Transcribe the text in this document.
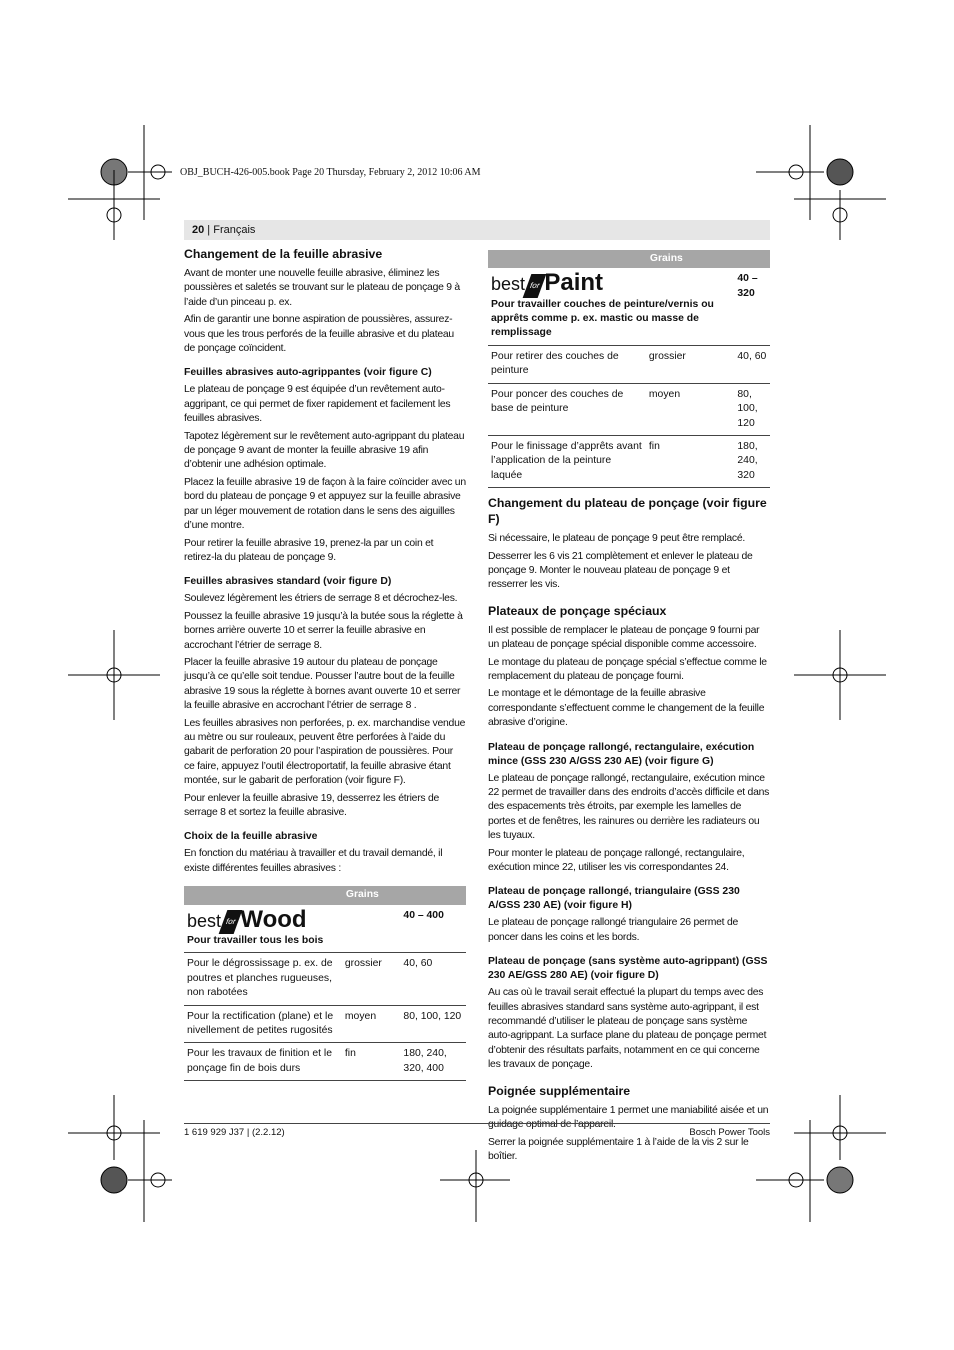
OBJ_BUCH-426-005.book Page 20 Thursday, February 2, 2012 10:06 AM
20 | Français
Changement de la feuille abrasive

Avant de monter une nouvelle feuille abrasive, éliminez les poussières et saletés se trouvant sur le plateau de ponçage 9 à l’aide d’un pinceau p. ex.

Afin de garantir une bonne aspiration de poussières, assurez-vous que les trous perforés de la feuille abrasive et du plateau de ponçage coïncident.

Feuilles abrasives auto-agrippantes (voir figure C)

Le plateau de ponçage 9 est équipée d’un revêtement auto-aggripant, ce qui permet de fixer rapidement et facilement les feuilles abrasives.

Tapotez légèrement sur le revêtement auto-agrippant du plateau de ponçage 9 avant de monter la feuille abrasive 19 afin d’obtenir une adhésion optimale.

Placez la feuille abrasive 19 de façon à la faire coïncider avec un bord du plateau de ponçage 9 et appuyez sur la feuille abrasive par un léger mouvement de rotation dans le sens des aiguilles d’une montre.

Pour retirer la feuille abrasive 19, prenez-la par un coin et retirez-la du plateau de ponçage 9.

Feuilles abrasives standard (voir figure D)

Soulevez légèrement les étriers de serrage 8 et décrochez-les.

Poussez la feuille abrasive 19 jusqu’à la butée sous la réglette à bornes arrière ouverte 10 et serrer la feuille abrasive en accrochant l’étrier de serrage 8.

Placer la feuille abrasive 19 autour du plateau de ponçage jusqu’à ce qu’elle soit tendue. Pousser l’autre bout de la feuille abrasive 19 sous la réglette à bornes avant ouverte 10 et serrer la feuille abrasive en accrochant l’étrier de serrage 8 .

Les feuilles abrasives non perforées, p. ex. marchandise vendue au mètre ou sur rouleaux, peuvent être perforées à l’aide du gabarit de perforation 20 pour l’aspiration de poussières. Pour ce faire, appuyez l’outil électroportatif, la feuille abrasive étant montée, sur le gabarit de perforation (voir figure F).

Pour enlever la feuille abrasive 19, desserrez les étriers de serrage 8 et sortez la feuille abrasive.

Choix de la feuille abrasive

En fonction du matériau à travailler et du travail demandé, il existe différentes feuilles abrasives :

	Grains	

best for Wood
Pour travailler tous les bois		40 – 400
Pour le dégrossissage p. ex. de poutres et planches rugueuses, non rabotées	grossier	40, 60
Pour la rectification (plane) et le nivellement de petites rugosités	moyen	80, 100, 120
Pour les travaux de finition et le ponçage fin de bois durs	fin	180, 240, 320, 400
	Grains	

best for Paint
Pour travailler couches de peinture/vernis ou apprêts comme p. ex. mastic ou masse de remplissage		40 – 320
Pour retirer des couches de peinture	grossier	40, 60
Pour poncer des couches de base de peinture	moyen	80, 100, 120
Pour le finissage d’apprêts avant l’application de la peinture laquée	fin	180, 240, 320
Changement du plateau de ponçage (voir figure F)

Si nécessaire, le plateau de ponçage 9 peut être remplacé.

Desserrer les 6 vis 21 complètement et enlever le plateau de ponçage 9. Monter le nouveau plateau de ponçage 9 et resserrer les vis.

Plateaux de ponçage spéciaux

Il est possible de remplacer le plateau de ponçage 9 fourni par un plateau de ponçage spécial disponible comme accessoire.

Le montage du plateau de ponçage spécial s’effectue comme le remplacement du plateau de ponçage fourni.

Le montage et le démontage de la feuille abrasive correspondante s’effectuent comme le changement de la feuille abrasive d’origine.

Plateau de ponçage rallongé, rectangulaire, exécution mince (GSS 230 A/GSS 230 AE) (voir figure G)

Le plateau de ponçage rallongé, rectangulaire, exécution mince 22 permet de travailler dans des endroits d’accès difficile et dans des espacements très étroits, par exemple les lamelles de portes et de fenêtres, les rainures ou derrière les radiateurs ou les tuyaux.

Pour monter le plateau de ponçage rallongé, rectangulaire, exécution mince 22, utiliser les vis correspondantes 24.

Plateau de ponçage rallongé, triangulaire (GSS 230 A/GSS 230 AE) (voir figure H)

Le plateau de ponçage rallongé triangulaire 26 permet de poncer dans les coins et les bords.

Plateau de ponçage (sans système auto-agrippant) (GSS 230 AE/GSS 280 AE) (voir figure D)

Au cas où le travail serait effectué la plupart du temps avec des feuilles abrasives standard sans système auto-agrippant, il est recommandé d’utiliser le plateau de ponçage sans système auto-agrippant. La surface plane du plateau de ponçage permet d’obtenir des résultats parfaits, notamment en ce qui concerne les travaux de ponçage.

Poignée supplémentaire

La poignée supplémentaire 1 permet une maniabilité aisée et un guidage optimal de l’appareil.

Serrer la poignée supplémentaire 1 à l’aide de la vis 2 sur le boîtier.

1 619 929 J37 | (2.2.12)	Bosch Power Tools
